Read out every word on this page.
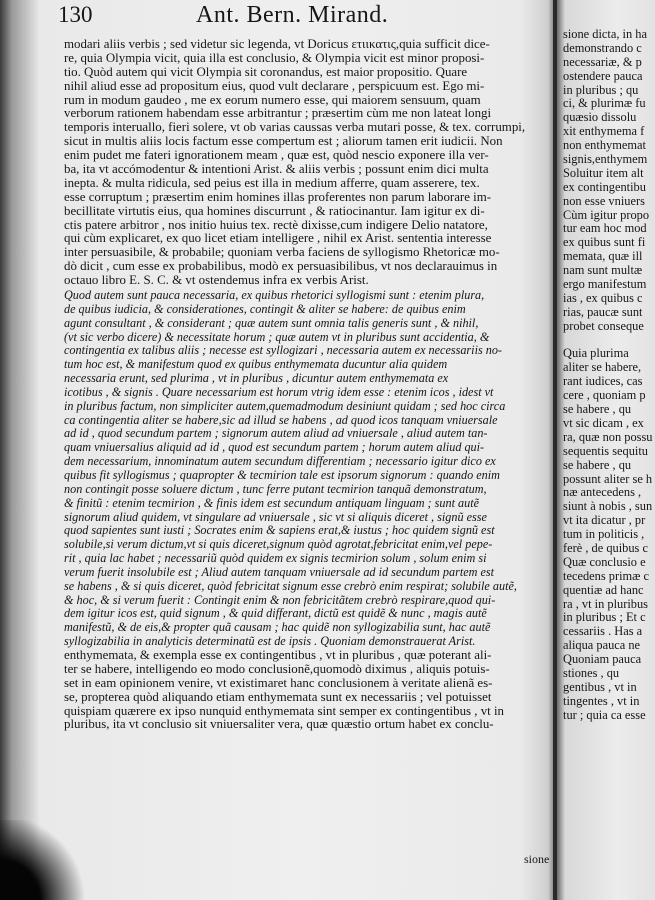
130	Ant. Bern. Mirand.
modari aliis verbis ; sed videtur sic legenda, vt Doricus ετιικατις,quia sufficit dice-
re, quia Olympia vicit, quia illa est conclusio, & Olympia vicit est minor proposi-
tio. Quòd autem qui vicit Olympia sit coronandus, est maior propositio. Quare
nihil aliud esse ad propositum eius, quod vult declarare , perspicuum est. Ego mi-
rum in modum gaudeo , me ex eorum numero esse, qui maiorem sensuum, quam
verborum rationem habendam esse arbitrantur ; præsertim cùm me non lateat longi
temporis interuallo, fieri solere, vt ob varias caussas verba mutari posse, & tex. corrumpi,
sicut in multis aliis locis factum esse compertum est ; aliorum tamen erit iudicii. Non
enim pudet me fateri ignorationem meam , quæ est, quòd nescio exponere illa ver-
ba, ita vt accómodentur & intentioni Arist. & aliis verbis ; possunt enim dici multa
inepta. & multa ridicula, sed peius est illa in medium afferre, quam asserere, tex.
esse corruptum ; præsertim enim homines illas proferentes non parum laborare im-
becillitate virtutis eius, qua homines discurrunt , & ratiocinantur. Iam igitur ex di-
ctis patere arbitror , nos initio huius tex. rectè dixisse,cum indigere Delio natatore,
qui cùm explicaret, ex quo licet etiam intelligere , nihil ex Arist. sententia interesse
inter persuasibile, & probabile; quoniam verba faciens de syllogismo Rhetoricæ mo-
dò dicit , cum esse ex probabilibus, modò ex persuasibilibus, vt nos declarauimus in
octauo libro E. S. C. & vt ostendemus infra ex verbis Arist.
Quod autem sunt pauca necessaria, ex quibus rhetorici syllogismi sunt : etenim plura,
de quibus iudicia, & considerationes, contingit & aliter se habere: de quibus enim
agunt consultant , & considerant ; quæ autem sunt omnia talis generis sunt , & nihil,
(vt sic verbo dicere) & necessitate horum ; quæ autem vt in pluribus sunt accidentia, &
contingentia ex talibus aliis ; necesse est syllogizari , necessaria autem ex necessariis no-
tum hoc est, & manifestum quod ex quibus enthymemata ducuntur alia quidem
necessaria erunt, sed plurima , vt in pluribus , dicuntur autem enthymemata ex
icotibus , & signis . Quare necessarium est horum vtrig idem esse : etenim icos , idest vt
in pluribus factum, non simpliciter autem,quemadmodum desiniunt quidam ; sed hoc circa
ca contingentia aliter se habere,sic ad illud se habens , ad quod icos tanquam vniuersale
ad id , quod secundum partem ; signorum autem aliud ad vniuersale , aliud autem tan-
quam vniuersalius aliquid ad id , quod est secundum partem ; horum autem aliud qui-
dem necessarium, innominatum autem secundum differentiam ; necessario igitur dico ex
quibus fit syllogismus ; quapropter & tecmirion tale est ipsorum signorum : quando enim
non contingit posse soluere dictum , tunc ferre putant tecmirion tanquã demonstratum,
& finitũ : etenim tecmirion , & finis idem est secundum antiquam linguam ; sunt autẽ
signorum aliud quidem, vt singulare ad vniuersale , sic vt si aliquis diceret , signũ esse
quod sapientes sunt iusti ; Socrates enim & sapiens erat,& iustus ; hoc quidem signũ est
solubile,si verum dictum,vt si quis diceret,signum quòd agrotat,febricitat enim,vel pepe-
rit , quia lac habet ; necessariũ quòd quidem ex signis tecmirion solum , solum enim si
verum fuerit insolubile est ; Aliud autem tanquam vniuersale ad id secundum partem est
se habens , & si quis diceret, quòd febricitat signum esse crebrò enim respirat; solubile autẽ,
& hoc, & si verum fuerit : Contingit enim & non febricitãtem crebrò respirare,quod qui-
dem igitur icos est, quid signum , & quid differant, dictũ est quidẽ & nunc , magis autẽ
manifestũ, & de eis,& propter quã causam ; hac quidẽ non syllogizabilia sunt, hac autẽ
syllogizabilia in analyticis determinatũ est de ipsis . Quoniam demonstrauerat Arist.
enthymemata, & exempla esse ex contingentibus , vt in pluribus , quæ poterant ali-
ter se habere, intelligendo eo modo conclusionẽ,quomodò diximus , aliquis potuis-
set in eam opinionem venire, vt existimaret hanc conclusionem à veritate alienã es-
se, propterea quòd aliquando etiam enthymemata sunt ex necessariis ; vel potuisset
quispiam quærere ex ipso nunquid enthymemata sint semper ex contingentibus , vt in
pluribus, ita vt conclusio sit vniuersaliter vera, quæ quæstio ortum habet ex conclu-
sione
sione dicta, in ha
demonstrando c
necessariæ, & p
ostendere pauca
in pluribus ; qu
ci, & plurimæ fu
quæsio dissolu
xit enthymema f
non enthymemat
signis,enthymem
Soluitur item alt
ex contingentibu
non esse vniuers
Cùm igitur propo
tur eam hoc mod
ex quibus sunt fi
memata, quæ ill
nam sunt multæ
ergo manifestum
ias , ex quibus c
rias, paucæ sunt
probet conseque

Quia plurima
aliter se habere,
rant iudices, cas
cere , quoniam p
se habere , qu
vt sic dicam , ex
ra, quæ non possu
sequentis sequitu
se habere , qu
possunt aliter se h
næ antecedens ,
siunt à nobis , sun
vt ita dicatur , pr
tum in politicis ,
ferè , de quibus c
Quæ conclusio e
tecedens primæ c
quentiæ ad hanc
ra , vt in pluribus
in pluribus ; Et c
cessariis . Has a
aliqua pauca ne
Quoniam pauca
stiones , qu
gentibus , vt in
tingentes , vt in
tur ; quia ca esse
